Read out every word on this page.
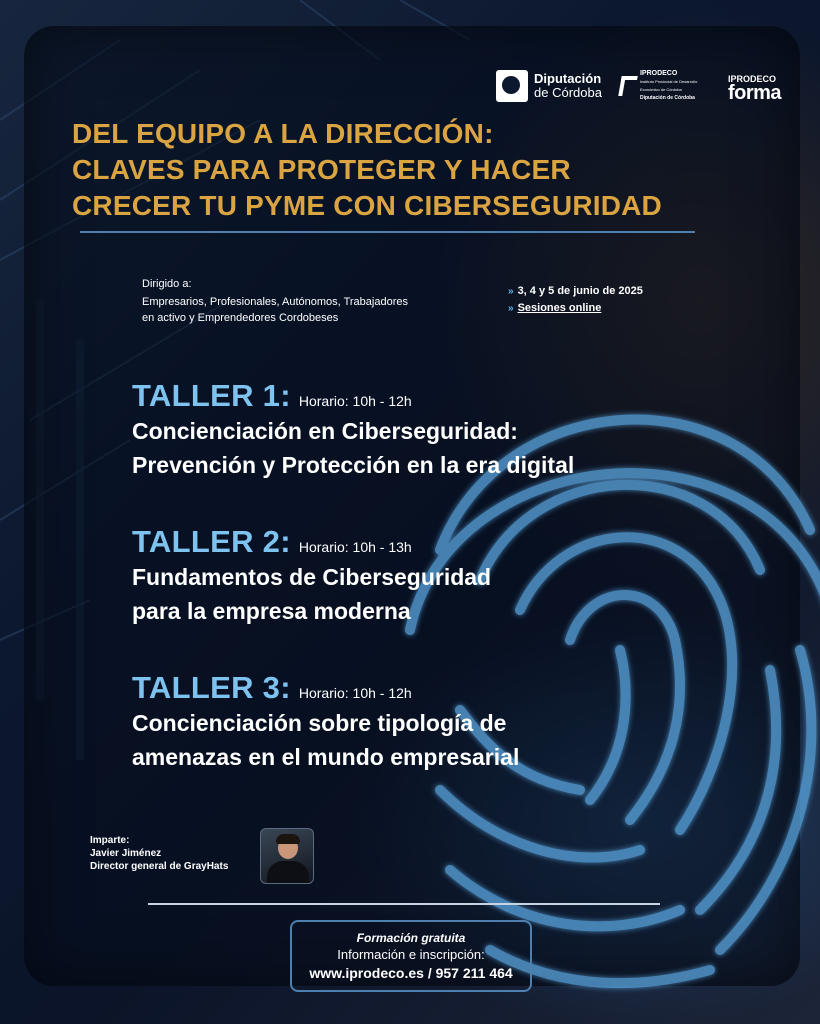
Diputación
de Córdoba
IPRODECO
Instituto Provincial de Desarrollo Económico de Córdoba
Diputación de Córdoba
IPRODECO
forma
DEL EQUIPO A LA DIRECCIÓN:
CLAVES PARA PROTEGER Y HACER
CRECER TU PYME CON CIBERSEGURIDAD
Dirigido a:
Empresarios, Profesionales, Autónomos, Trabajadores
en activo y Emprendedores Cordobeses
» 3, 4 y 5 de junio de 2025
» Sesiones online
TALLER 1: Horario: 10h - 12h
Concienciación en Ciberseguridad:
Prevención y Protección en la era digital
TALLER 2: Horario: 10h - 13h
Fundamentos de Ciberseguridad
para la empresa moderna
TALLER 3: Horario: 10h - 12h
Concienciación sobre tipología de
amenazas en el mundo empresarial
Imparte:
Javier Jiménez
Director general de GrayHats
Formación gratuita
Información e inscripción:
www.iprodeco.es / 957 211 464
